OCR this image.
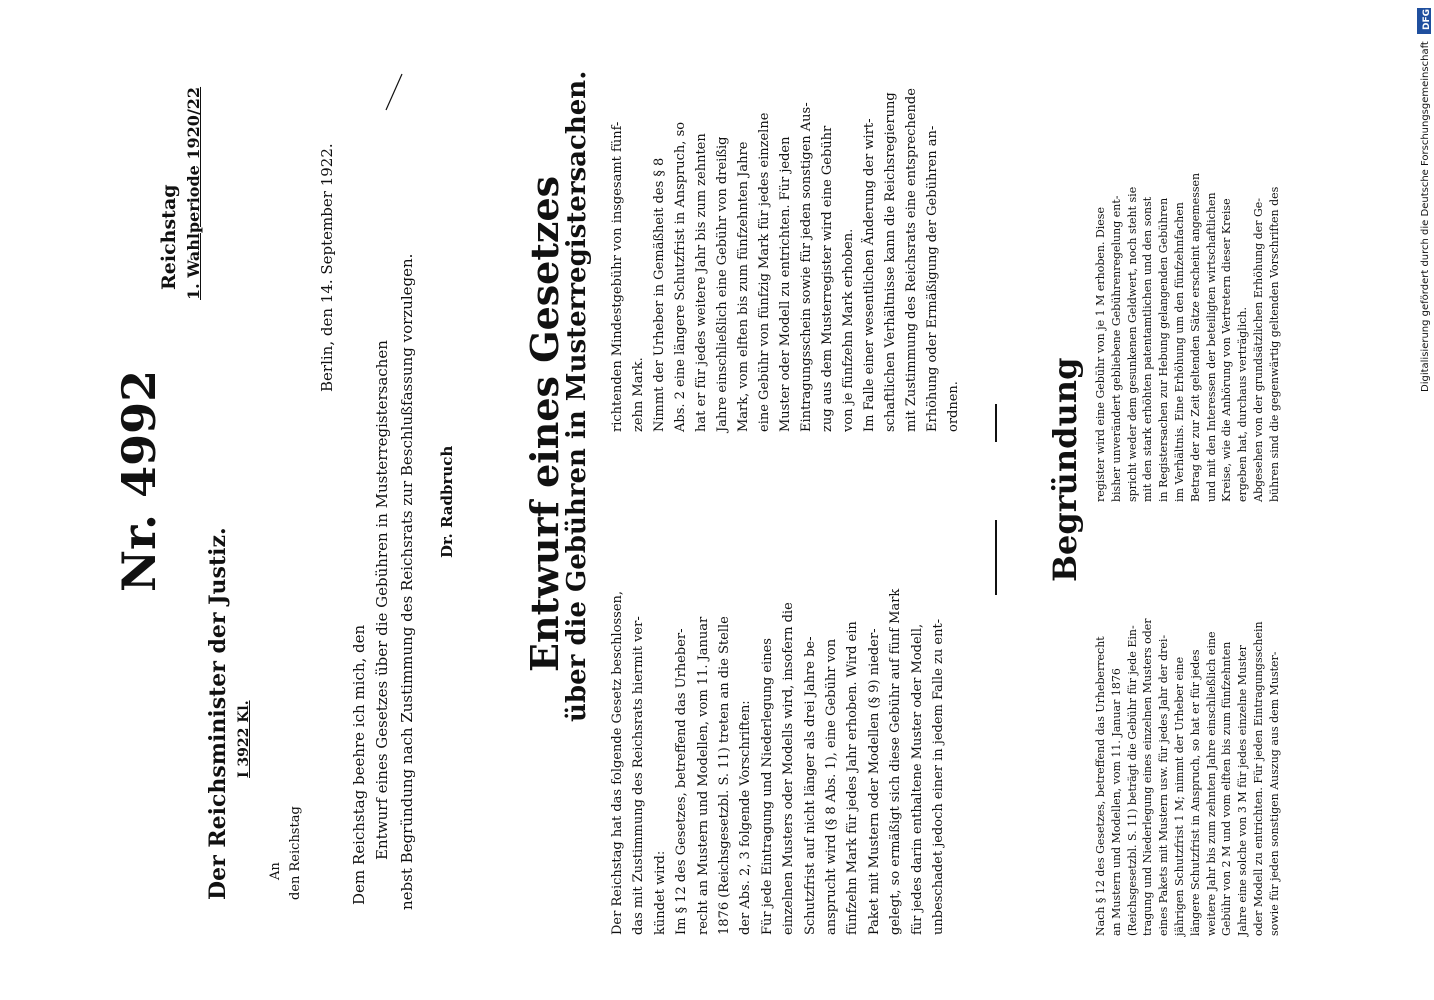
Reichstag 1. Wahlperiode 1920/22
Nr. 4992
Der Reichsminister der Justiz. I 3922 Kl.
An den Reichstag
Berlin, den 14. September 1922.
Dem Reichstag beehre ich mich, den Entwurf eines Gesetzes über die Gebühren in Musterregistersachen nebst Begründung nach Zustimmung des Reichsrats zur Beschlußfassung vorzulegen. Dr. Radbruch Entwurf eines Gesetzes
über die Gebühren in Musterregistersachen.
Der Reichstag hat das folgende Gesetz beschlossen, das mit Zustimmung des Reichsrats hiermit ver- kündet wird: Im § 12 des Gesetzes, betreffend das Urheber- recht an Mustern und Modellen, vom 11. Januar 1876 (Reichsgesetzbl. S. 11) treten an die Stelle der Abs. 2, 3 folgende Vorschriften: Für jede Eintragung und Niederlegung eines einzelnen Musters oder Modells wird, insofern die Schutzfrist auf nicht länger als drei Jahre be- ansprucht wird (§ 8 Abs. 1), eine Gebühr von fünfzehn Mark für jedes Jahr erhoben. Wird ein Paket mit Mustern oder Modellen (§ 9) nieder- gelegt, so ermäßigt sich diese Gebühr auf fünf Mark für jedes darin enthaltene Muster oder Modell, unbeschadet jedoch einer in jedem Falle zu ent-
richtenden Mindestgebühr von insgesamt fünf- zehn Mark. Nimmt der Urheber in Gemäßheit des § 8 Abs. 2 eine längere Schutzfrist in Anspruch, so hat er für jedes weitere Jahr bis zum zehnten Jahre einschließlich eine Gebühr von dreißig Mark, vom elften bis zum fünfzehnten Jahre eine Gebühr von fünfzig Mark für jedes einzelne Muster oder Modell zu entrichten. Für jeden Eintragungsschein sowie für jeden sonstigen Aus- zug aus dem Musterregister wird eine Gebühr von je fünfzehn Mark erhoben. Im Falle einer wesentlichen Änderung der wirt- schaftlichen Verhältnisse kann die Reichsregierung mit Zustimmung des Reichsrats eine entsprechende Erhöhung oder Ermäßigung der Gebühren an- ordnen.	Begründung
Nach § 12 des Gesetzes, betreffend das Urheberrecht an Mustern und Modellen, vom 11. Januar 1876 (Reichsgesetzbl. S. 11) beträgt die Gebühr für jede Ein- tragung und Niederlegung eines einzelnen Musters oder eines Pakets mit Mustern usw. für jedes Jahr der drei- jährigen Schutzfrist 1 M; nimmt der Urheber eine längere Schutzfrist in Anspruch, so hat er für jedes weitere Jahr bis zum zehnten Jahre einschließlich eine Gebühr von 2 M und vom elften bis zum fünfzehnten Jahre eine solche von 3 M für jedes einzelne Muster oder Modell zu entrichten. Für jeden Eintragungsschein sowie für jeden sonstigen Auszug aus dem Muster-
register wird eine Gebühr von je 1 M erhoben. Diese bisher unverändert gebliebene Gebührenregelung ent- spricht weder dem gesunkenen Geldwert, noch steht sie mit den stark erhöhten patentamtlichen und den sonst in Registersachen zur Hebung gelangenden Gebühren im Verhältnis. Eine Erhöhung um den fünfzehnfachen Betrag der zur Zeit geltenden Sätze erscheint angemessen und mit den Interessen der beteiligten wirtschaftlichen Kreise, wie die Anhörung von Vertretern dieser Kreise ergeben hat, durchaus verträglich. Abgesehen von der grundsätzlichen Erhöhung der Ge- bühren sind die gegenwärtig geltenden Vorschriften des
DFG
Digitalisierung gefördert durch die Deutsche Forschungsgemeinschaft
